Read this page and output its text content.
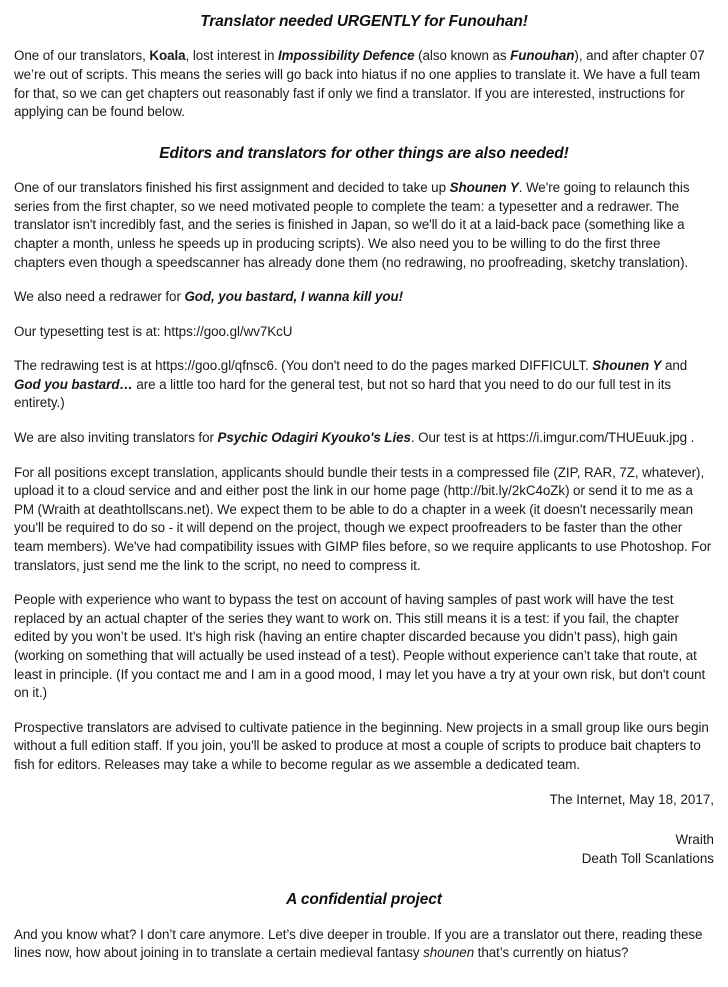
Translator needed URGENTLY for Funouhan!

One of our translators, Koala, lost interest in Impossibility Defence (also known as Funouhan), and after chapter 07 we’re out of scripts. This means the series will go back into hiatus if no one applies to translate it. We have a full team for that, so we can get chapters out reasonably fast if only we find a translator. If you are interested, instructions for applying can be found below.

Editors and translators for other things are also needed!

One of our translators finished his first assignment and decided to take up Shounen Y. We're going to relaunch this series from the first chapter, so we need motivated people to complete the team: a typesetter and a redrawer. The translator isn't incredibly fast, and the series is finished in Japan, so we'll do it at a laid-back pace (something like a chapter a month, unless he speeds up in producing scripts). We also need you to be willing to do the first three chapters even though a speedscanner has already done them (no redrawing, no proofreading, sketchy translation).

We also need a redrawer for God, you bastard, I wanna kill you!

Our typesetting test is at: https://goo.gl/wv7KcU

The redrawing test is at https://goo.gl/qfnsc6. (You don't need to do the pages marked DIFFICULT. Shounen Y and God you bastard… are a little too hard for the general test, but not so hard that you need to do our full test in its entirety.)

We are also inviting translators for Psychic Odagiri Kyouko's Lies. Our test is at https://i.imgur.com/THUEuuk.jpg .

For all positions except translation, applicants should bundle their tests in a compressed file (ZIP, RAR, 7Z, whatever), upload it to a cloud service and and either post the link in our home page (http://bit.ly/2kC4oZk) or send it to me as a PM (Wraith at deathtollscans.net). We expect them to be able to do a chapter in a week (it doesn't necessarily mean you'll be required to do so - it will depend on the project, though we expect proofreaders to be faster than the other team members). We've had compatibility issues with GIMP files before, so we require applicants to use Photoshop. For translators, just send me the link to the script, no need to compress it.

People with experience who want to bypass the test on account of having samples of past work will have the test replaced by an actual chapter of the series they want to work on. This still means it is a test: if you fail, the chapter edited by you won’t be used. It’s high risk (having an entire chapter discarded because you didn’t pass), high gain (working on something that will actually be used instead of a test). People without experience can’t take that route, at least in principle. (If you contact me and I am in a good mood, I may let you have a try at your own risk, but don't count on it.)

Prospective translators are advised to cultivate patience in the beginning. New projects in a small group like ours begin without a full edition staff. If you join, you'll be asked to produce at most a couple of scripts to produce bait chapters to fish for editors. Releases may take a while to become regular as we assemble a dedicated team.

The Internet, May 18, 2017,

Wraith

Death Toll Scanlations

A confidential project

And you know what? I don’t care anymore. Let’s dive deeper in trouble. If you are a translator out there, reading these lines now, how about joining in to translate a certain medieval fantasy shounen that’s currently on hiatus?
